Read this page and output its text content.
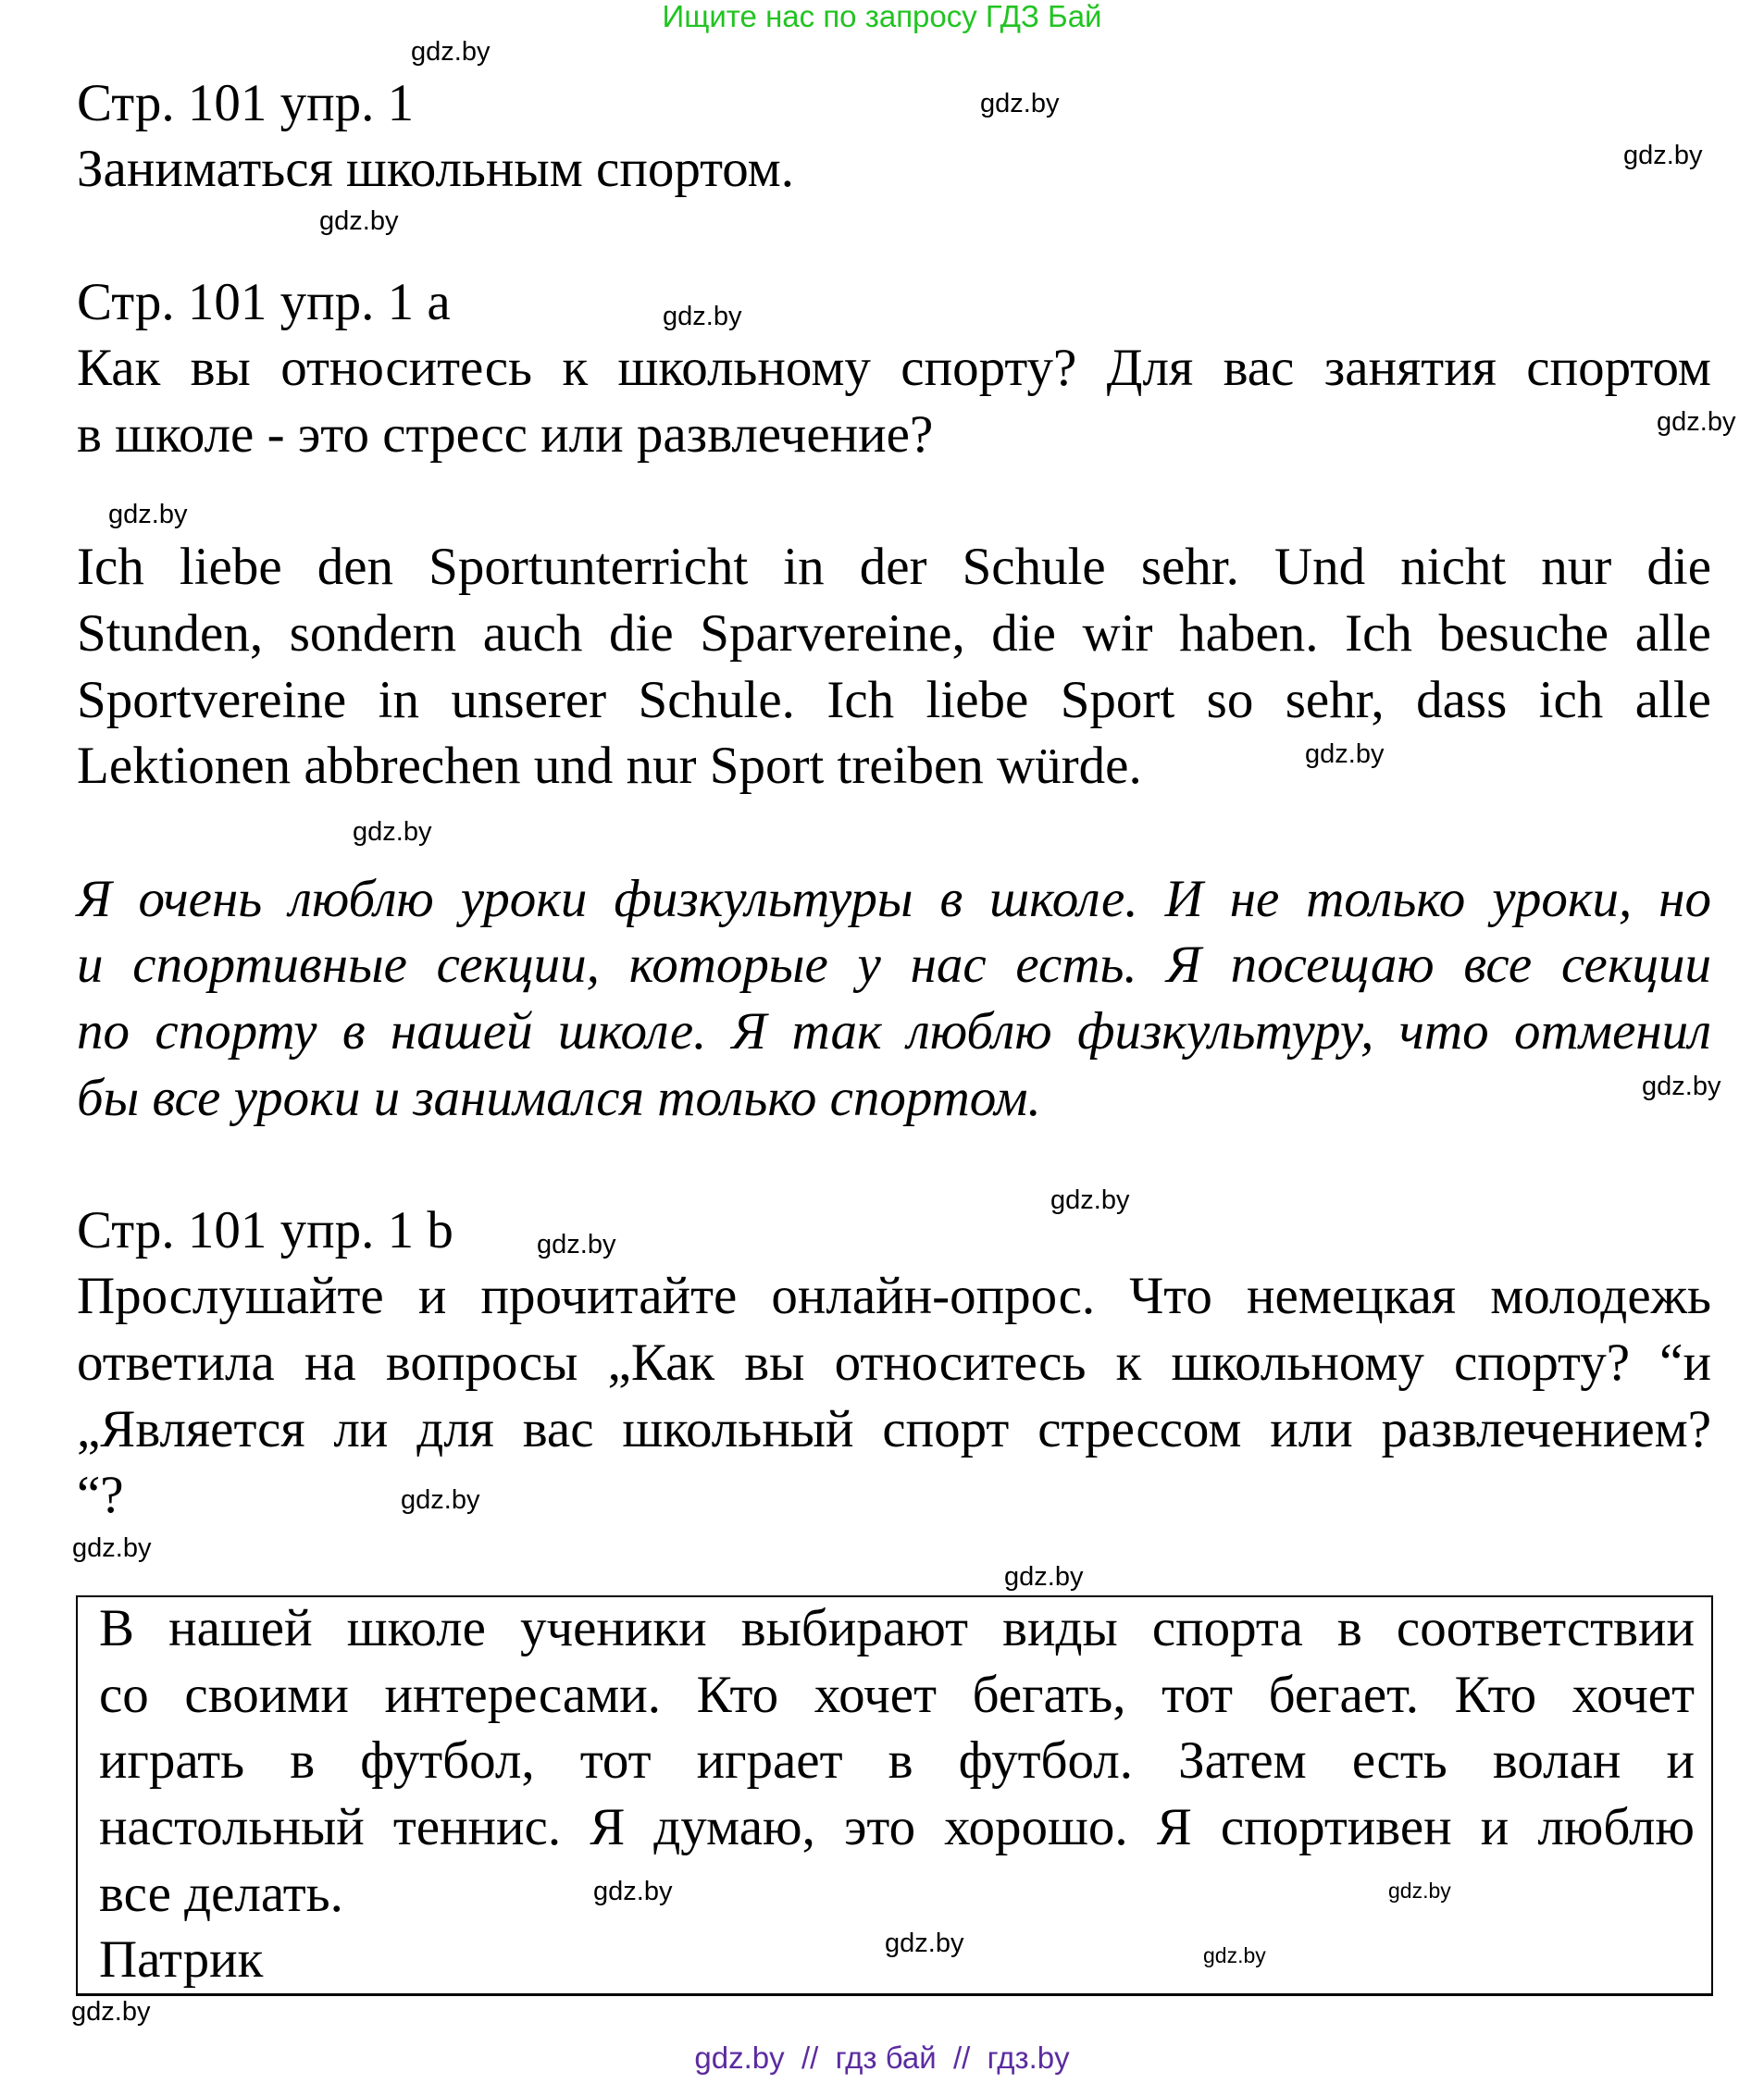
Ищите нас по запросу ГДЗ Бай
Стр. 101 упр. 1
Заниматься школьным спортом.
Стр. 101 упр. 1 а
Как вы относитесь к школьному спорту? Для вас занятия спортом
в школе - это стресс или развлечение?
Ich liebe den Sportunterricht in der Schule sehr. Und nicht nur die
Stunden, sondern auch die Sparvereine, die wir haben. Ich besuche alle
Sportvereine in unserer Schule. Ich liebe Sport so sehr, dass ich alle
Lektionen abbrechen und nur Sport treiben würde.
Я очень люблю уроки физкультуры в школе. И не только уроки, но
и спортивные секции, которые у нас есть. Я посещаю все секции
по спорту в нашей школе. Я так люблю физкультуру, что отменил
бы все уроки и занимался только спортом.
Стр. 101 упр. 1 b
Прослушайте и прочитайте онлайн-опрос. Что немецкая молодежь
ответила на вопросы „Как вы относитесь к школьному спорту? “и
„Является ли для вас школьный спорт стрессом или развлечением?
“?
В нашей школе ученики выбирают виды спорта в соответствии
со своими интересами. Кто хочет бегать, тот бегает. Кто хочет
играть в футбол, тот играет в футбол. Затем есть волан и
настольный теннис. Я думаю, это хорошо. Я спортивен и люблю
все делать.
Патрик
gdz.by
gdz.by
gdz.by
gdz.by
gdz.by
gdz.by
gdz.by
gdz.by
gdz.by
gdz.by
gdz.by
gdz.by
gdz.by
gdz.by
gdz.by
gdz.by
gdz.by
gdz.by
gdz.by
gdz.by
gdz.by  //  гдз бай  //  гдз.by
